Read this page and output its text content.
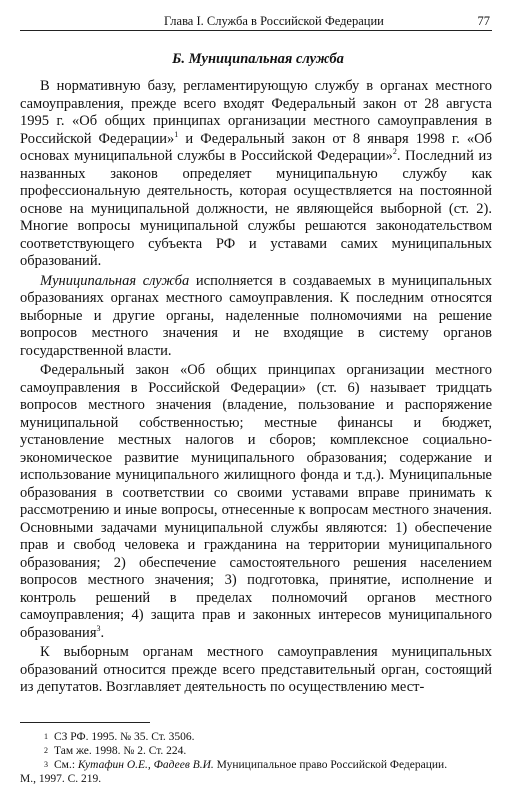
Глава I. Служба в Российской Федерации	77
Б. Муниципальная служба

В нормативную базу, регламентирующую службу в органах местного самоуправления, прежде всего входят Федеральный закон от 28 августа 1995 г. «Об общих принципах организации местного самоуправления в Российской Федерации»$^1$ и Федеральный закон от 8 января 1998 г. «Об основах муниципальной службы в Российской Федерации»$^2$. Последний из названных законов определяет муниципальную службу как профессиональную деятельность, которая осуществляется на постоянной основе на муниципальной должности, не являющейся выборной (ст. 2). Многие вопросы муниципальной службы решаются законодательством соответствующего субъекта РФ и уставами самих муниципальных образований.

Муниципальная служба исполняется в создаваемых в муниципальных образованиях органах местного самоуправления. К последним относятся выборные и другие органы, наделенные полномочиями на решение вопросов местного значения и не входящие в систему органов государственной власти.

Федеральный закон «Об общих принципах организации местного самоуправления в Российской Федерации» (ст. 6) называет тридцать вопросов местного значения (владение, пользование и распоряжение муниципальной собственностью; местные финансы и бюджет, установление местных налогов и сборов; комплексное социально-экономическое развитие муниципального образования; содержание и использование муниципального жилищного фонда и т.д.). Муниципальные образования в соответствии со своими уставами вправе принимать к рассмотрению и иные вопросы, отнесенные к вопросам местного значения. Основными задачами муниципальной службы являются: 1) обеспечение прав и свобод человека и гражданина на территории муниципального образования; 2) обеспечение самостоятельного решения населением вопросов местного значения; 3) подготовка, принятие, исполнение и контроль решений в пределах полномочий органов местного самоуправления; 4) защита прав и законных интересов муниципального образования$^3$.

К выборным органам местного самоуправления муниципальных образований относится прежде всего представительный орган, состоящий из депутатов. Возглавляет деятельность по осуществлению мест-

1 СЗ РФ. 1995. № 35. Ст. 3506.
2 Там же. 1998. № 2. Ст. 224.
3 См.: Кутафин О.Е., Фадеев В.И. Муниципальное право Российской Федерации.
М., 1997. С. 219.
